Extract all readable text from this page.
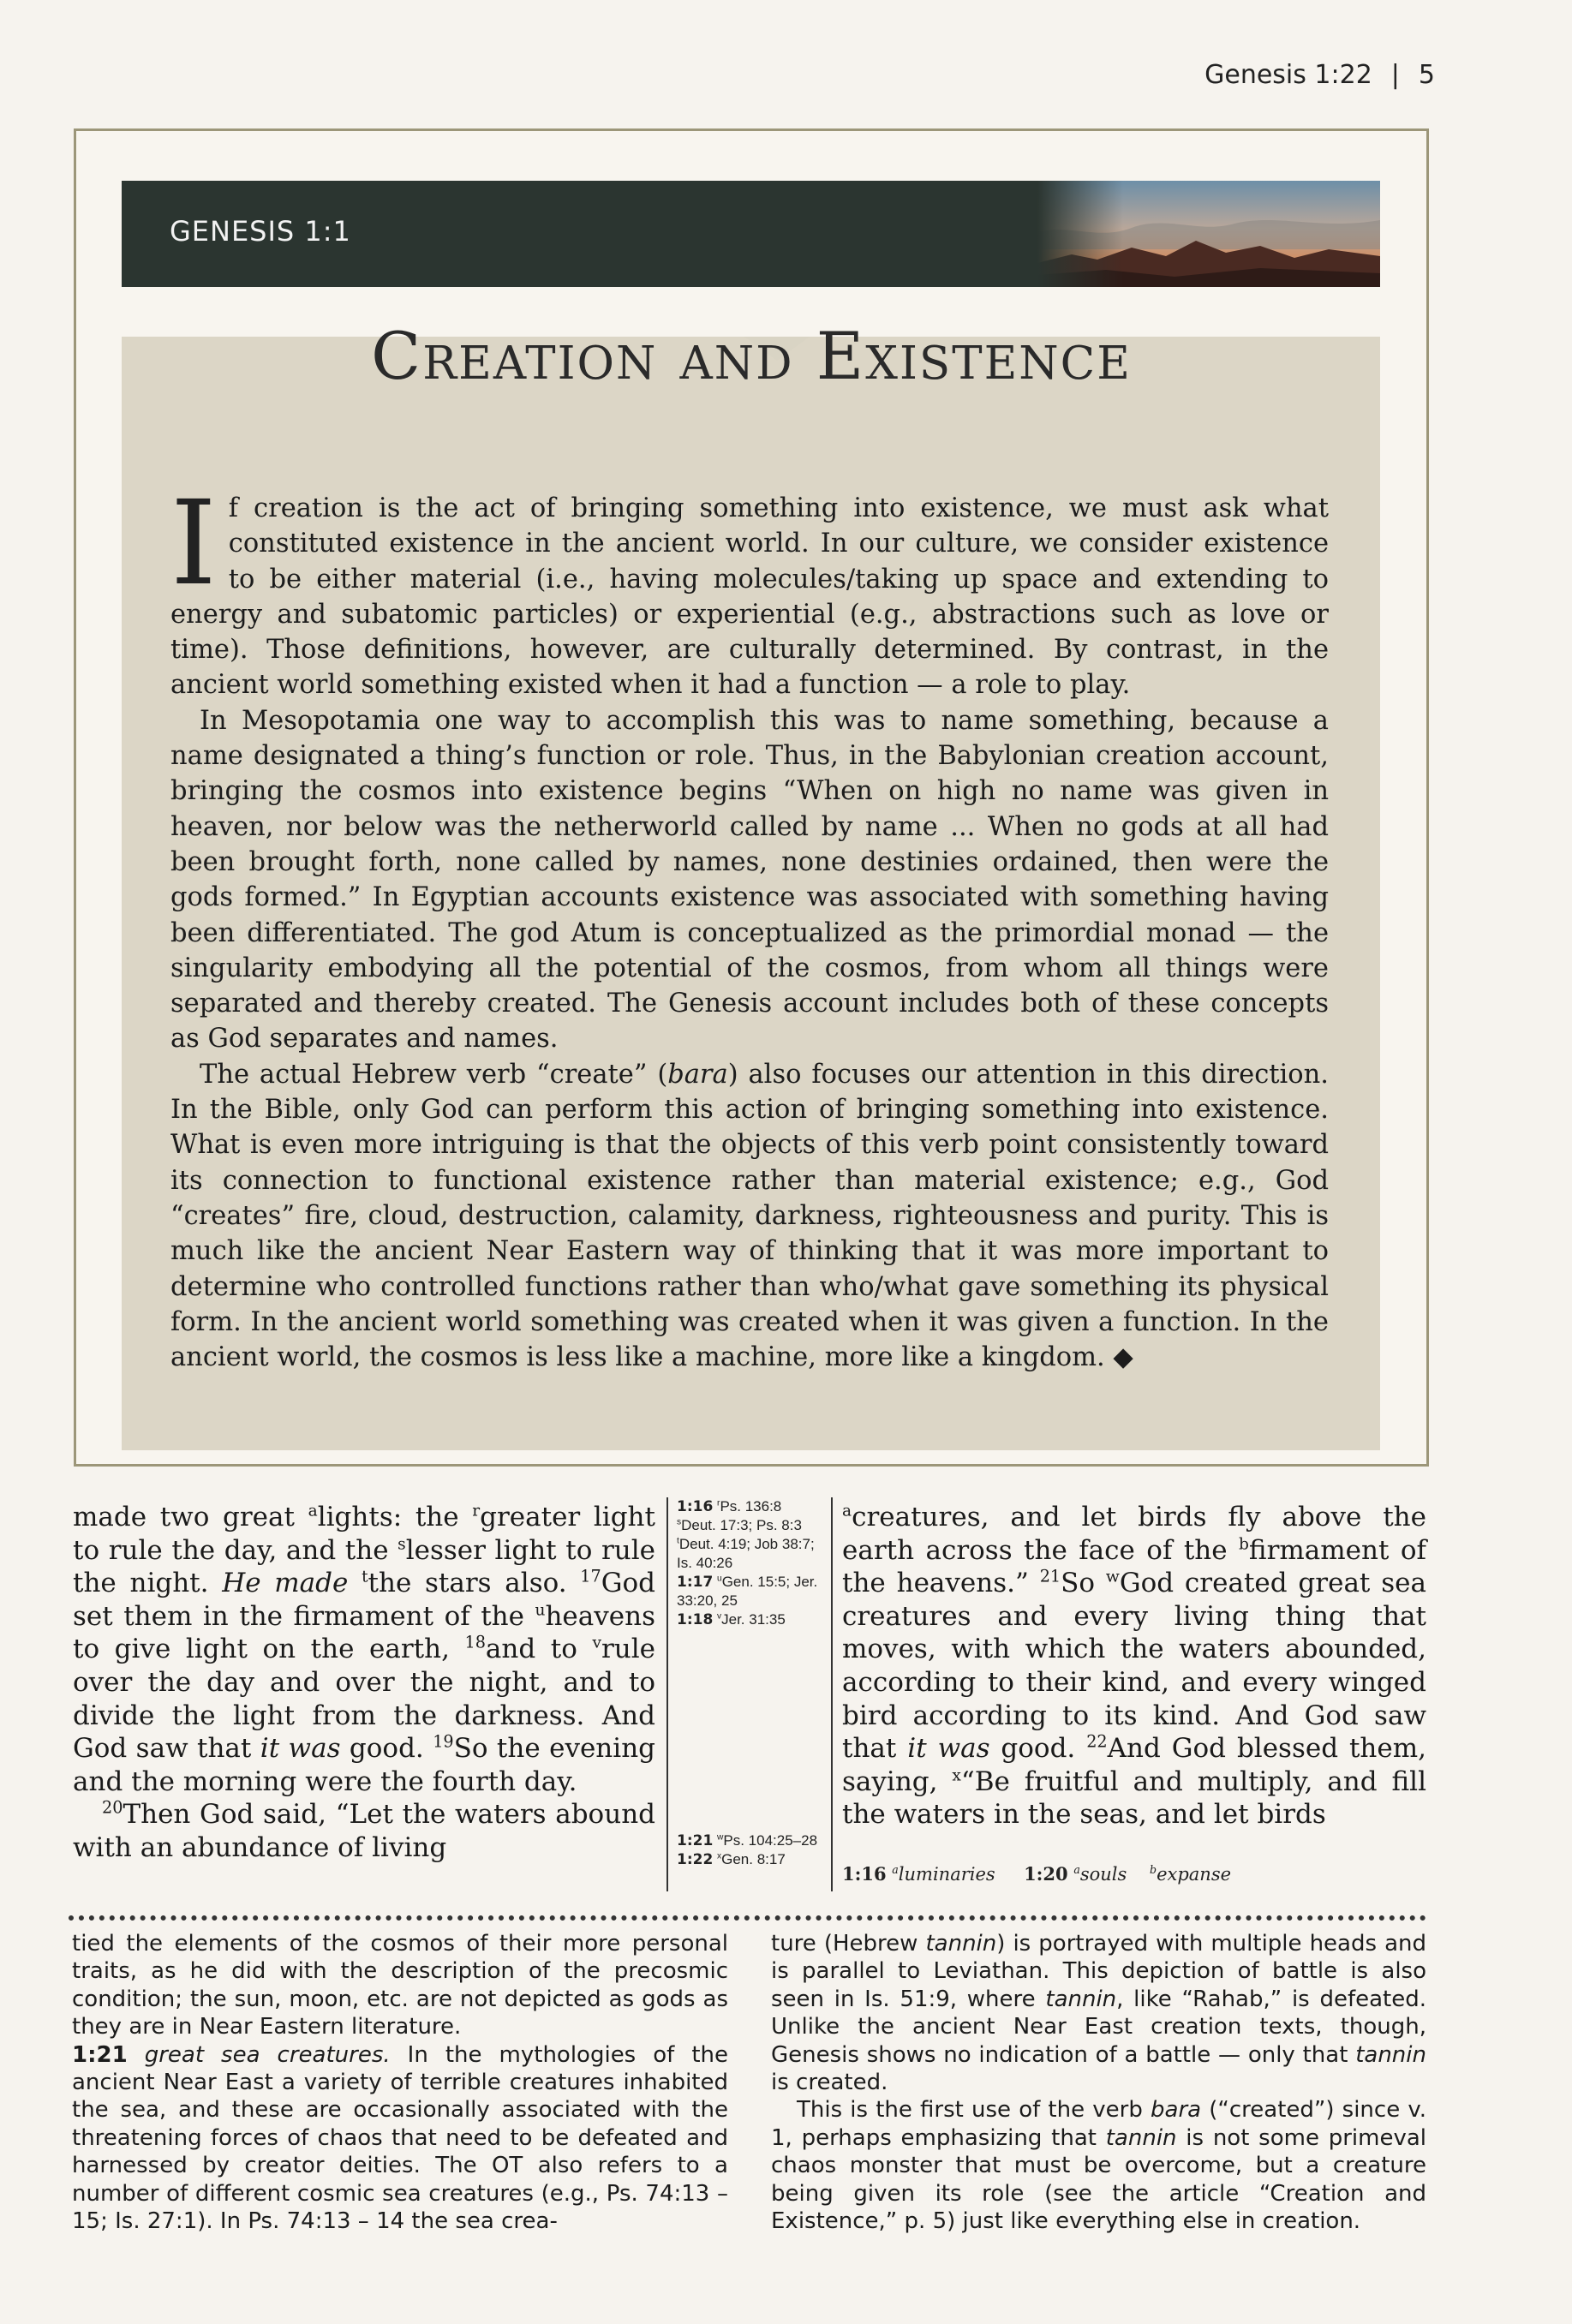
Genesis 1:22 | 5
GENESIS 1:1
Creation and Existence

If creation is the act of bringing something into existence, we must ask what constituted existence in the ancient world. In our culture, we consider existence to be either material (i.e., having molecules/taking up space and extending to energy and subatomic particles) or experiential (e.g., abstractions such as love or time). Those definitions, however, are culturally determined. By contrast, in the ancient world something existed when it had a function — a role to play.

In Mesopotamia one way to accomplish this was to name something, because a name designated a thing’s function or role. Thus, in the Babylonian creation account, bringing the cosmos into existence begins “When on high no name was given in heaven, nor below was the netherworld called by name ... When no gods at all had been brought forth, none called by names, none destinies ordained, then were the gods formed.” In Egyptian accounts existence was associated with something having been differentiated. The god Atum is conceptualized as the primordial monad — the singularity embodying all the potential of the cosmos, from whom all things were separated and thereby created. The Genesis account includes both of these concepts as God separates and names.

The actual Hebrew verb “create” (bara) also focuses our attention in this direction. In the Bible, only God can perform this action of bringing something into existence. What is even more intriguing is that the objects of this verb point consistently toward its connection to functional existence rather than material existence; e.g., God “creates” fire, cloud, destruction, calamity, darkness, righteousness and purity. This is much like the ancient Near Eastern way of thinking that it was more important to determine who controlled functions rather than who/what gave something its physical form. In the ancient world something was created when it was given a function. In the ancient world, the cosmos is less like a machine, more like a kingdom. ◆

made two great $^a$lights: the $^r$greater light to rule the day, and the $^s$lesser light to rule the night. He made $^t$the stars also. $^{17}$God set them in the firmament of the $^u$heavens to give light on the earth, $^{18}$and to $^v$rule over the day and over the night, and to divide the light from the darkness. And God saw that it was good. $^{19}$So the evening and the morning were the fourth day.

$^{20}$Then God said, “Let the waters abound with an abundance of living

1:16 $^r$Ps. 136:8

$^s$Deut. 17:3; Ps. 8:3

$^t$Deut. 4:19; Job 38:7; Is. 40:26

1:17 $^u$Gen. 15:5; Jer. 33:20, 25

1:18 $^v$Jer. 31:35

1:21 $^w$Ps. 104:25–28

1:22 $^x$Gen. 8:17

$^a$creatures, and let birds fly above the earth across the face of the $^b$firmament of the heavens.” $^{21}$So $^w$God created great sea creatures and every living thing that moves, with which the waters abounded, according to their kind, and every winged bird according to its kind. And God saw that it was good. $^{22}$And God blessed them, saying, $^x$“Be fruitful and multiply, and fill the waters in the seas, and let birds

1:16 $^a$luminaries 1:20 $^a$souls $^b$expanse

tied the elements of the cosmos of their more personal traits, as he did with the description of the precosmic condition; the sun, moon, etc. are not depicted as gods as they are in Near Eastern literature.

1:21 great sea creatures. In the mythologies of the ancient Near East a variety of terrible creatures inhabited the sea, and these are occasionally associated with the threatening forces of chaos that need to be defeated and harnessed by creator deities. The OT also refers to a number of different cosmic sea creatures (e.g., Ps. 74:13 – 15; Is. 27:1). In Ps. 74:13 – 14 the sea crea-

ture (Hebrew tannin) is portrayed with multiple heads and is parallel to Leviathan. This depiction of battle is also seen in Is. 51:9, where tannin, like “Rahab,” is defeated. Unlike the ancient Near East creation texts, though, Genesis shows no indication of a battle — only that tannin is created.

This is the first use of the verb bara (“created”) since v. 1, perhaps emphasizing that tannin is not some primeval chaos monster that must be overcome, but a creature being given its role (see the article “Creation and Existence,” p. 5) just like everything else in creation.
